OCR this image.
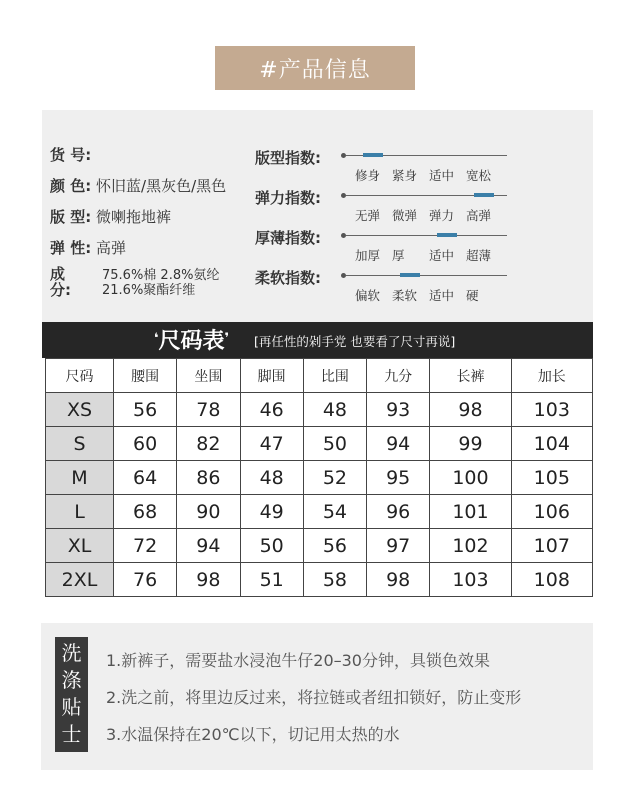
#产品信息
货 号:
颜 色: 怀旧蓝/黑灰色/黑色
版 型: 微喇拖地裤
弹 性: 高弹
成分:
75.6%棉 2.8%氨纶
21.6%聚酯纤维
版型指数:
修身 紧身 适中 宽松
弹力指数:
无弹 微弹 弹力 高弹
厚薄指数:
加厚 厚 适中 超薄
柔软指数:
偏软 柔软 适中 硬
❛尺码表❜ [再任性的剁手党 也要看了尺寸再说]
尺码	腰围	坐围	脚围	比围	九分	长裤	加长
XS	56	78	46	48	93	98	103
S	60	82	47	50	94	99	104
M	64	86	48	52	95	100	105
L	68	90	49	54	96	101	106
XL	72	94	50	56	97	102	107
2XL	76	98	51	58	98	103	108
洗涤贴士
1.新裤子，需要盐水浸泡牛仔20–30分钟，具锁色效果
2.洗之前，将里边反过来，将拉链或者纽扣锁好，防止变形
3.水温保持在20℃以下，切记用太热的水
